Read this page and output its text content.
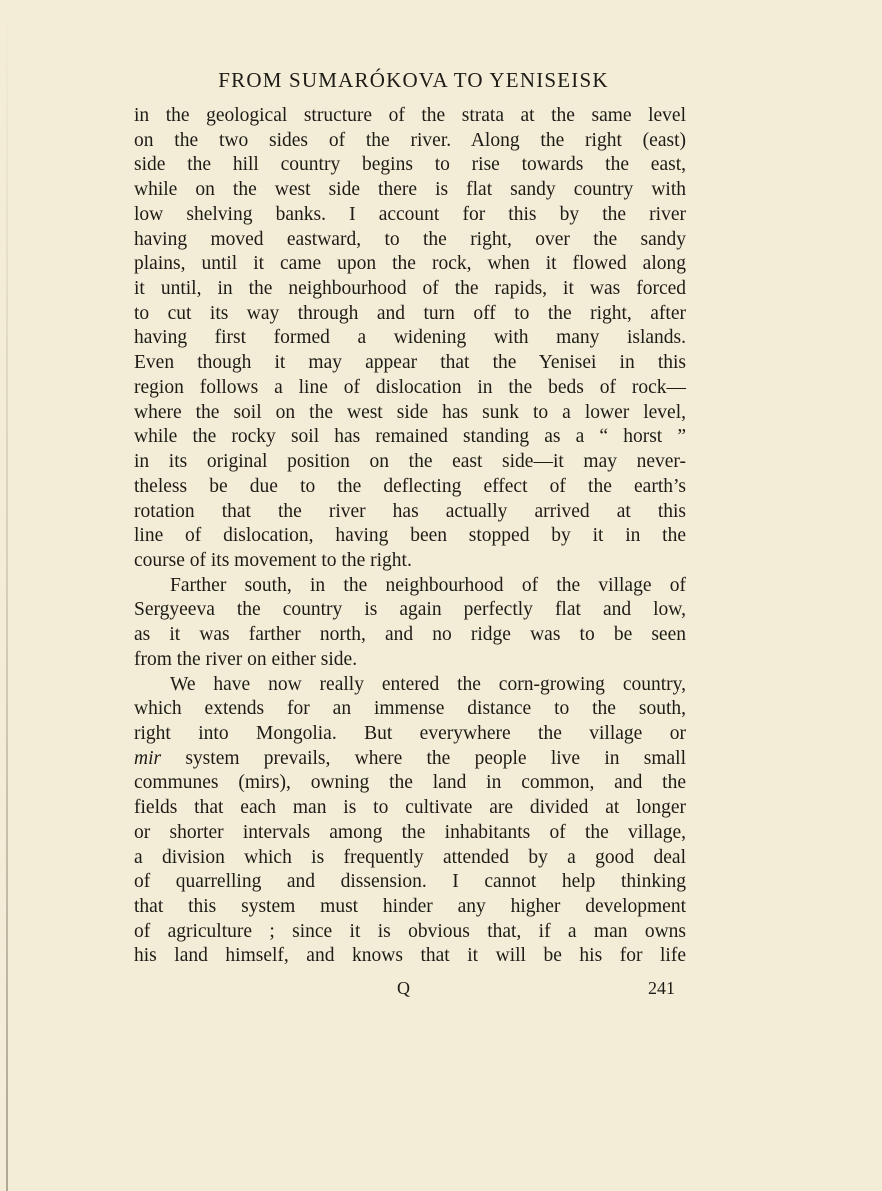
FROM SUMARÓKOVA TO YENISEISK
in the geological structure of the strata at the same level
on the two sides of the river. Along the right (east)
side the hill country begins to rise towards the east,
while on the west side there is flat sandy country with
low shelving banks. I account for this by the river
having moved eastward, to the right, over the sandy
plains, until it came upon the rock, when it flowed along
it until, in the neighbourhood of the rapids, it was forced
to cut its way through and turn off to the right, after
having first formed a widening with many islands.
Even though it may appear that the Yenisei in this
region follows a line of dislocation in the beds of rock—
where the soil on the west side has sunk to a lower level,
while the rocky soil has remained standing as a “ horst ”
in its original position on the east side—it may never-
theless be due to the deflecting effect of the earth’s
rotation that the river has actually arrived at this
line of dislocation, having been stopped by it in the
course of its movement to the right.
Farther south, in the neighbourhood of the village of
Sergyeeva the country is again perfectly flat and low,
as it was farther north, and no ridge was to be seen
from the river on either side.
We have now really entered the corn-growing country,
which extends for an immense distance to the south,
right into Mongolia. But everywhere the village or
mir system prevails, where the people live in small
communes (mirs), owning the land in common, and the
fields that each man is to cultivate are divided at longer
or shorter intervals among the inhabitants of the village,
a division which is frequently attended by a good deal
of quarrelling and dissension. I cannot help thinking
that this system must hinder any higher development
of agriculture ; since it is obvious that, if a man owns
his land himself, and knows that it will be his for life
Q	241
